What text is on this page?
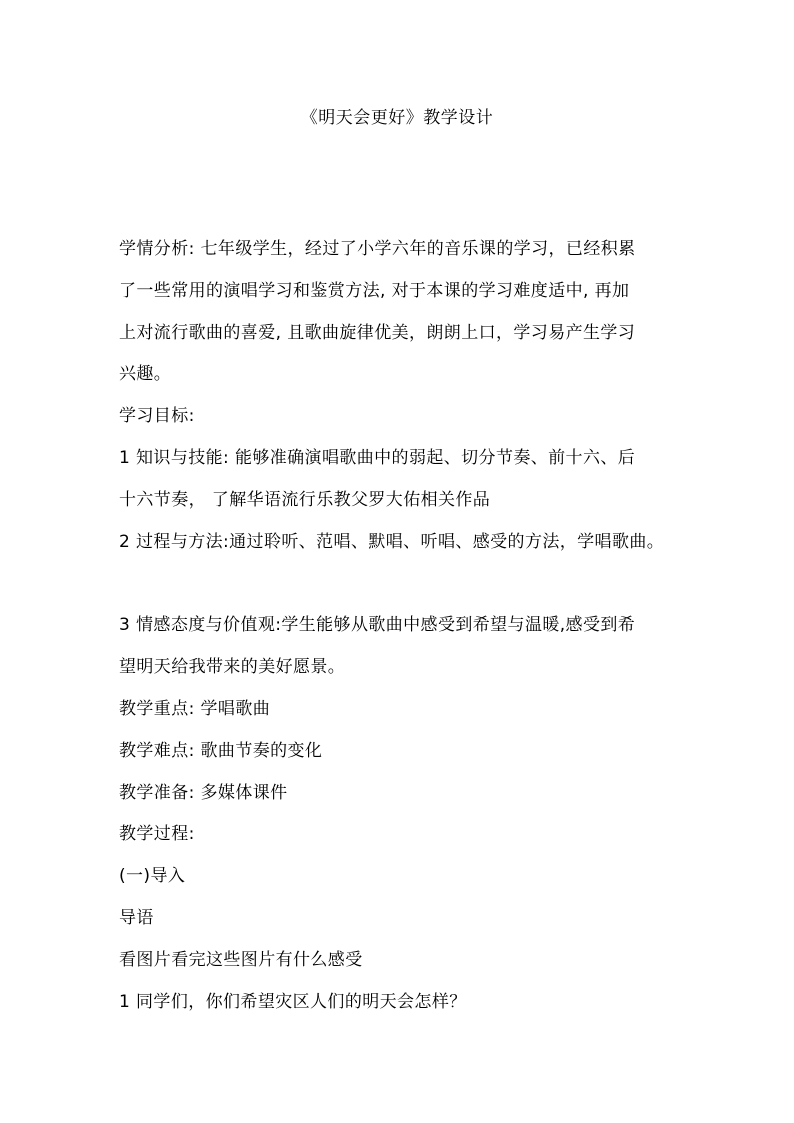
《明天会更好》教学设计

学情分析: 七年级学生，经过了小学六年的音乐课的学习，已经积累
了一些常用的演唱学习和鉴赏方法, 对于本课的学习难度适中, 再加
上对流行歌曲的喜爱, 且歌曲旋律优美，朗朗上口，学习易产生学习
兴趣。

学习目标:

1 知识与技能: 能够准确演唱歌曲中的弱起、切分节奏、前十六、后
十六节奏， 了解华语流行乐教父罗大佑相关作品

2 过程与方法:通过聆听、范唱、默唱、听唱、感受的方法，学唱歌曲。

3 情感态度与价值观:学生能够从歌曲中感受到希望与温暖,感受到希
望明天给我带来的美好愿景。

教学重点: 学唱歌曲

教学难点: 歌曲节奏的变化

教学准备: 多媒体课件

教学过程:

(一)导入

导语

看图片看完这些图片有什么感受

1 同学们，你们希望灾区人们的明天会怎样？
